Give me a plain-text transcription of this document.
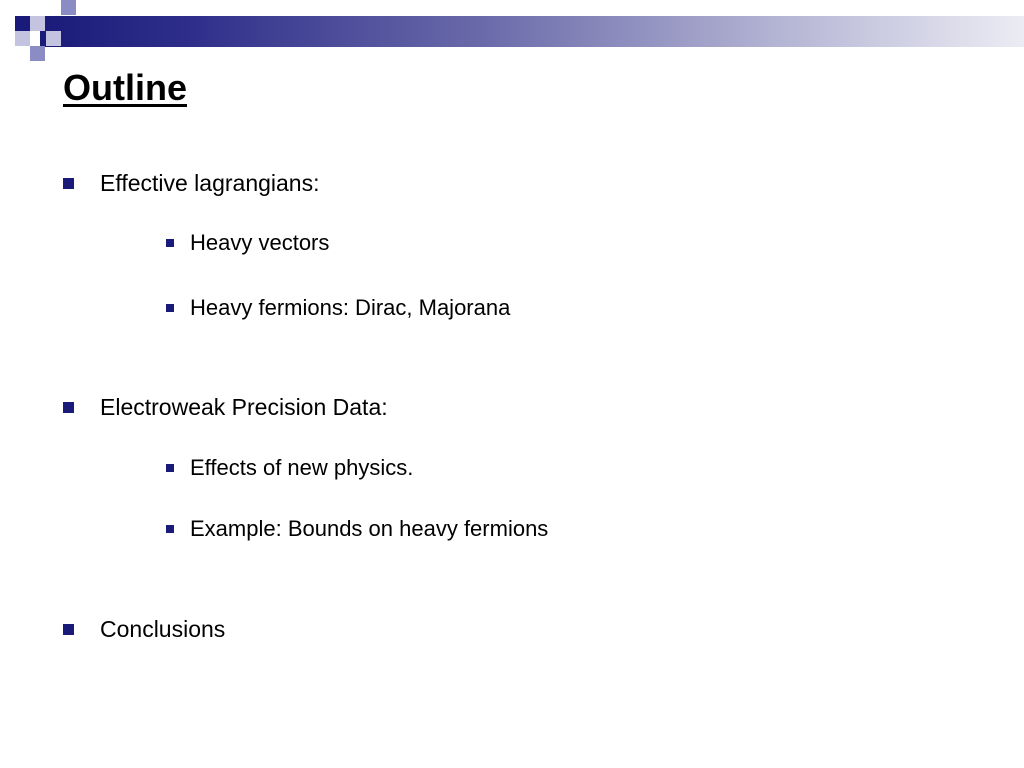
Outline
Effective lagrangians:
Heavy vectors
Heavy fermions: Dirac, Majorana
Electroweak Precision Data:
Effects of new physics.
Example: Bounds on heavy fermions
Conclusions
